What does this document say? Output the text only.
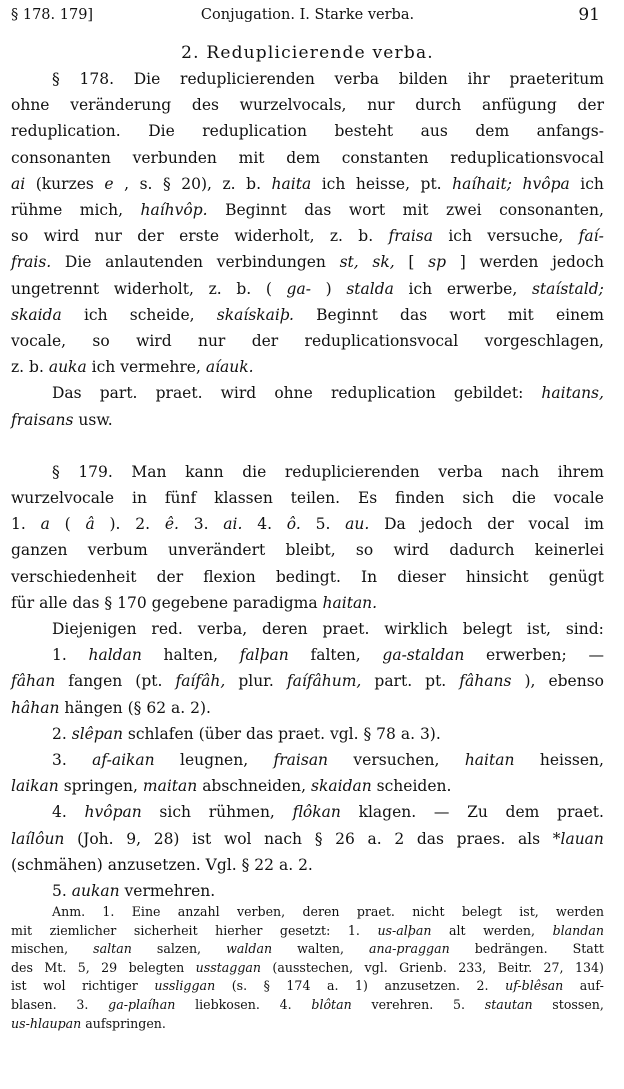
§ 178. 179]	Conjugation. I. Starke verba.	91
2. Reduplicierende verba.
§ 178. Die reduplicierenden verba bilden ihr praeteritum
ohne veränderung des wurzelvocals, nur durch anfügung der
reduplication. Die reduplication besteht aus dem anfangs-
consonanten verbunden mit dem constanten reduplicationsvocal
ai (kurzes e , s. § 20), z. b. haita ich heisse, pt. haíhait; hvôpa ich
rühme mich, haíhvôp. Beginnt das wort mit zwei consonanten,
so wird nur der erste widerholt, z. b. fraisa ich versuche, faí-
frais. Die anlautenden verbindungen st, sk, [ sp ] werden jedoch
ungetrennt widerholt, z. b. ( ga- ) stalda ich erwerbe, staístald;
skaida ich scheide, skaískaiþ. Beginnt das wort mit einem
vocale, so wird nur der reduplicationsvocal vorgeschlagen,
z. b. auka ich vermehre, aíauk.
Das part. praet. wird ohne reduplication gebildet: haitans,
fraisans usw.
§ 179. Man kann die reduplicierenden verba nach ihrem
wurzelvocale in fünf klassen teilen. Es finden sich die vocale
1. a ( â ). 2. ê. 3. ai. 4. ô. 5. au. Da jedoch der vocal im
ganzen verbum unverändert bleibt, so wird dadurch keinerlei
verschiedenheit der flexion bedingt. In dieser hinsicht genügt
für alle das § 170 gegebene paradigma haitan.
Diejenigen red. verba, deren praet. wirklich belegt ist, sind:
1. haldan halten, falþan falten, ga-staldan erwerben; —
fâhan fangen (pt. faífâh, plur. faífâhum, part. pt. fâhans ), ebenso
hâhan hängen (§ 62 a. 2).
2. slêpan schlafen (über das praet. vgl. § 78 a. 3).
3. af-aikan leugnen, fraisan versuchen, haitan heissen,
laikan springen, maitan abschneiden, skaidan scheiden.
4. hvôpan sich rühmen, flôkan klagen. — Zu dem praet.
laílôun (Joh. 9, 28) ist wol nach § 26 a. 2 das praes. als *lauan
(schmähen) anzusetzen. Vgl. § 22 a. 2.
5. aukan vermehren.
Anm. 1. Eine anzahl verben, deren praet. nicht belegt ist, werden
mit ziemlicher sicherheit hierher gesetzt: 1. us-alþan alt werden, blandan
mischen, saltan salzen, waldan walten, ana-praggan bedrängen. Statt
des Mt. 5, 29 belegten usstaggan (ausstechen, vgl. Grienb. 233, Beitr. 27, 134)
ist wol richtiger ussliggan (s. § 174 a. 1) anzusetzen. 2. uf-blêsan auf-
blasen. 3. ga-plaíhan liebkosen. 4. blôtan verehren. 5. stautan stossen,
us-hlaupan aufspringen.
